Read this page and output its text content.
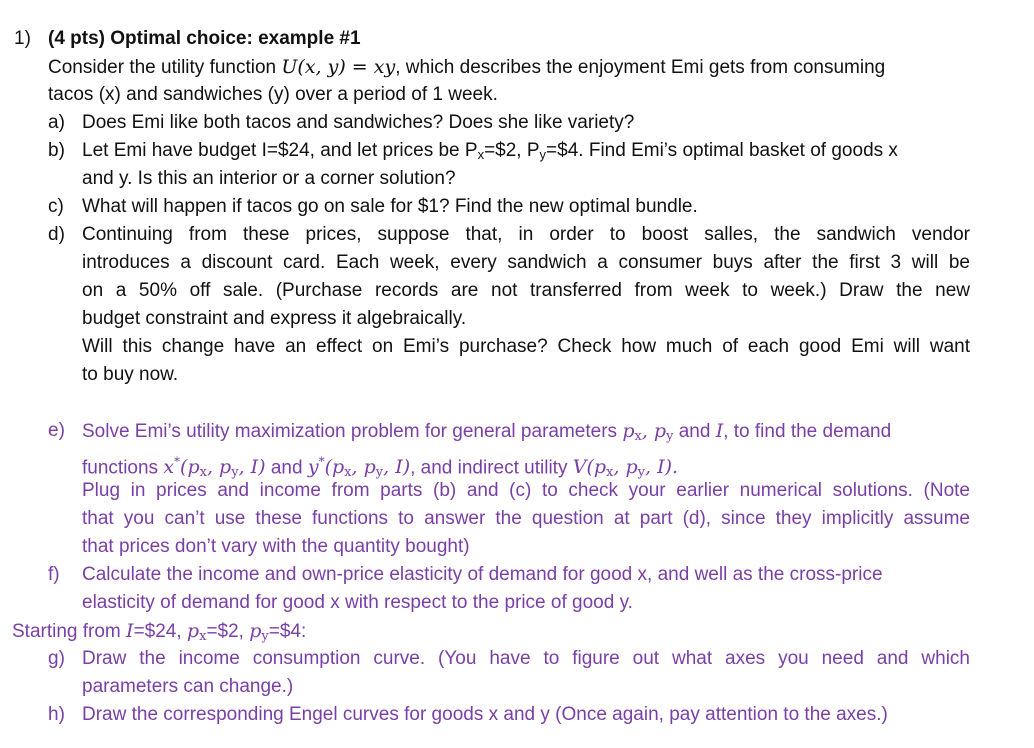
1) (4 pts) Optimal choice: example #1
Consider the utility function U(x, y) = xy, which describes the enjoyment Emi gets from consuming
tacos (x) and sandwiches (y) over a period of 1 week.
a) Does Emi like both tacos and sandwiches? Does she like variety?
b) Let Emi have budget I=$24, and let prices be Px=$2, Py=$4. Find Emi’s optimal basket of goods x
and y. Is this an interior or a corner solution?
c) What will happen if tacos go on sale for $1? Find the new optimal bundle.
d) Continuing from these prices, suppose that, in order to boost salles, the sandwich vendor
introduces a discount card. Each week, every sandwich a consumer buys after the first 3 will be
on a 50% off sale. (Purchase records are not transferred from week to week.) Draw the new
budget constraint and express it algebraically.
Will this change have an effect on Emi’s purchase? Check how much of each good Emi will want
to buy now.
e) Solve Emi’s utility maximization problem for general parameters $p_x$, $p_y$ and I, to find the demand
functions $x^*(p_x$, $p_y$, I) and $y^*(p_x$, $p_y$, I), and indirect utility $V(p_x$, $p_y$, I).
Plug in prices and income from parts (b) and (c) to check your earlier numerical solutions. (Note
that you can’t use these functions to answer the question at part (d), since they implicitly assume
that prices don’t vary with the quantity bought)
f) Calculate the income and own-price elasticity of demand for good x, and well as the cross-price
elasticity of demand for good x with respect to the price of good y.
Starting from I=$24, $p_x=\$2$, $p_y=\$4$:
g) Draw the income consumption curve. (You have to figure out what axes you need and which
parameters can change.)
h) Draw the corresponding Engel curves for goods x and y (Once again, pay attention to the axes.)
